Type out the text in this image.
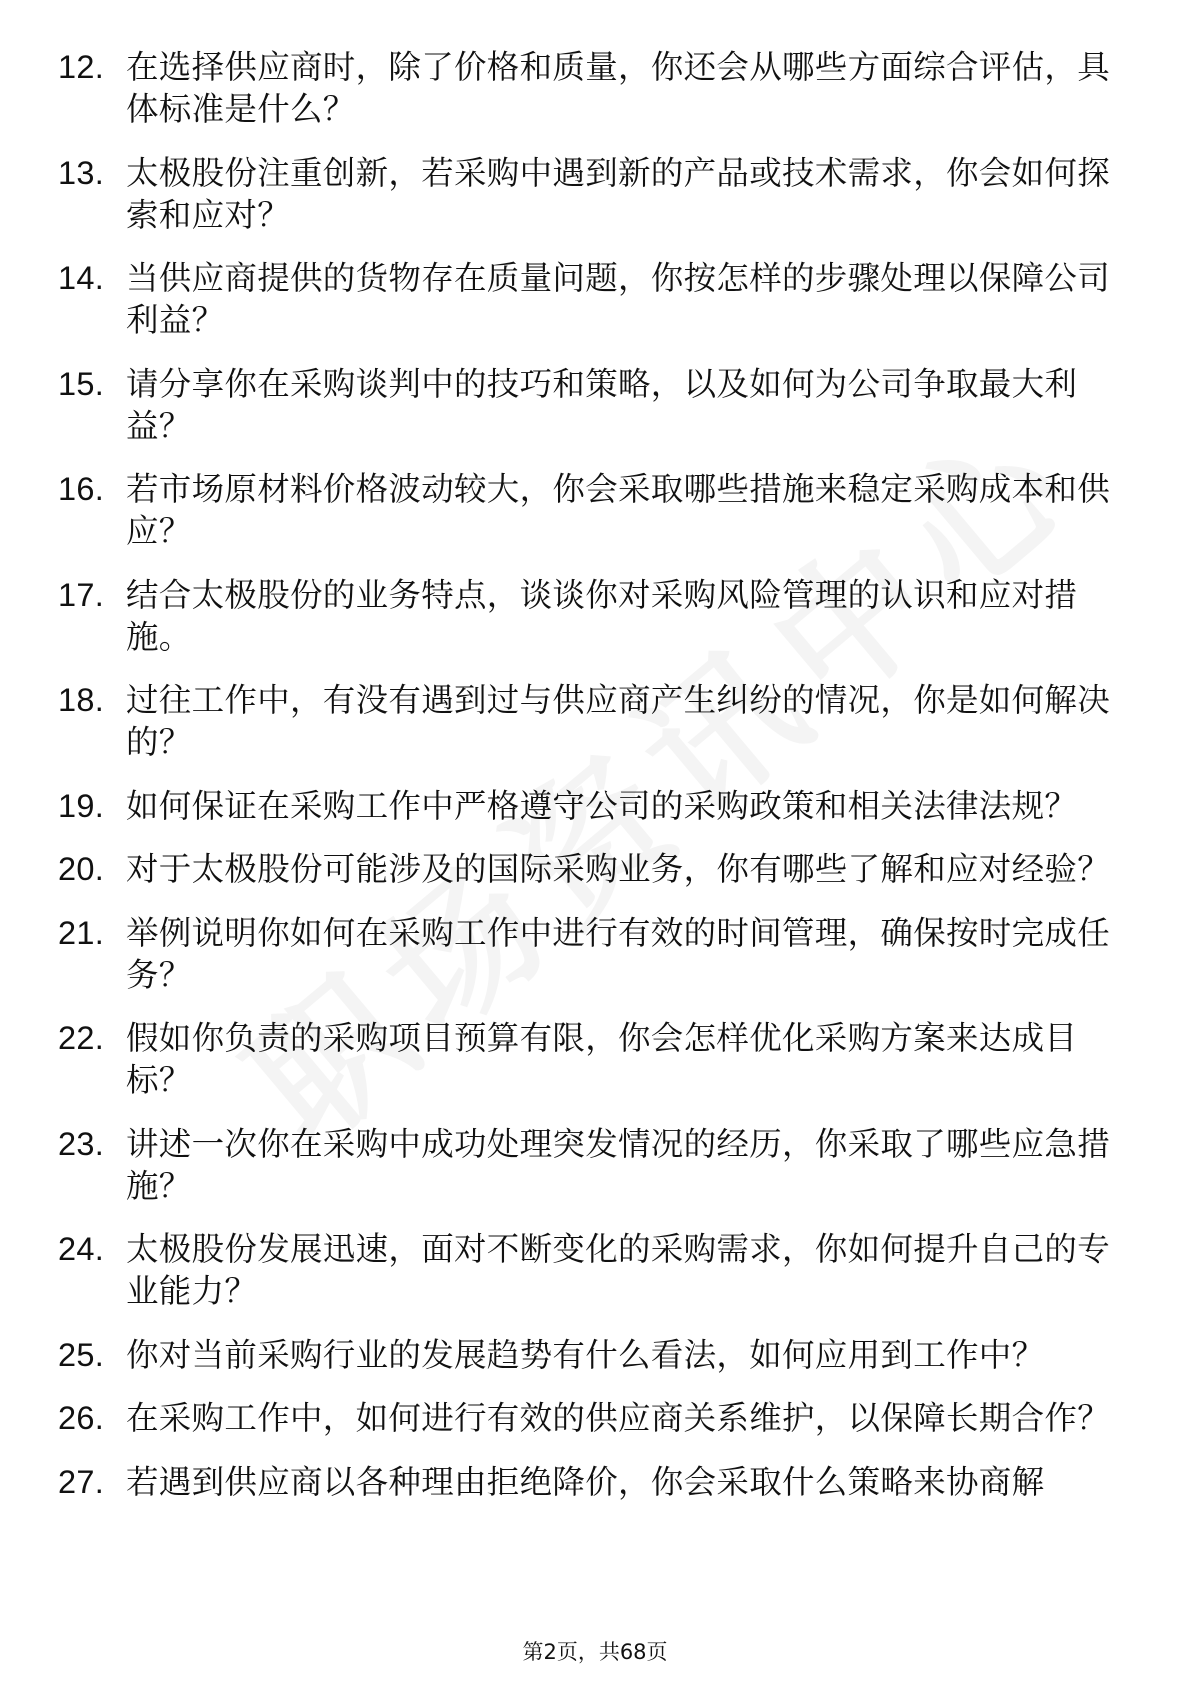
12. 在选择供应商时，除了价格和质量，你还会从哪些方面综合评估，具体标准是什么？
13. 太极股份注重创新，若采购中遇到新的产品或技术需求，你会如何探索和应对？
14. 当供应商提供的货物存在质量问题，你按怎样的步骤处理以保障公司利益？
15. 请分享你在采购谈判中的技巧和策略，以及如何为公司争取最大利益？
16. 若市场原材料价格波动较大，你会采取哪些措施来稳定采购成本和供应？
17. 结合太极股份的业务特点，谈谈你对采购风险管理的认识和应对措施。
18. 过往工作中，有没有遇到过与供应商产生纠纷的情况，你是如何解决的？
19. 如何保证在采购工作中严格遵守公司的采购政策和相关法律法规？
20. 对于太极股份可能涉及的国际采购业务，你有哪些了解和应对经验？
21. 举例说明你如何在采购工作中进行有效的时间管理，确保按时完成任务？
22. 假如你负责的采购项目预算有限，你会怎样优化采购方案来达成目标？
23. 讲述一次你在采购中成功处理突发情况的经历，你采取了哪些应急措施？
24. 太极股份发展迅速，面对不断变化的采购需求，你如何提升自己的专业能力？
25. 你对当前采购行业的发展趋势有什么看法，如何应用到工作中？
26. 在采购工作中，如何进行有效的供应商关系维护，以保障长期合作？
27. 若遇到供应商以各种理由拒绝降价，你会采取什么策略来协商解
第2页，共68页
